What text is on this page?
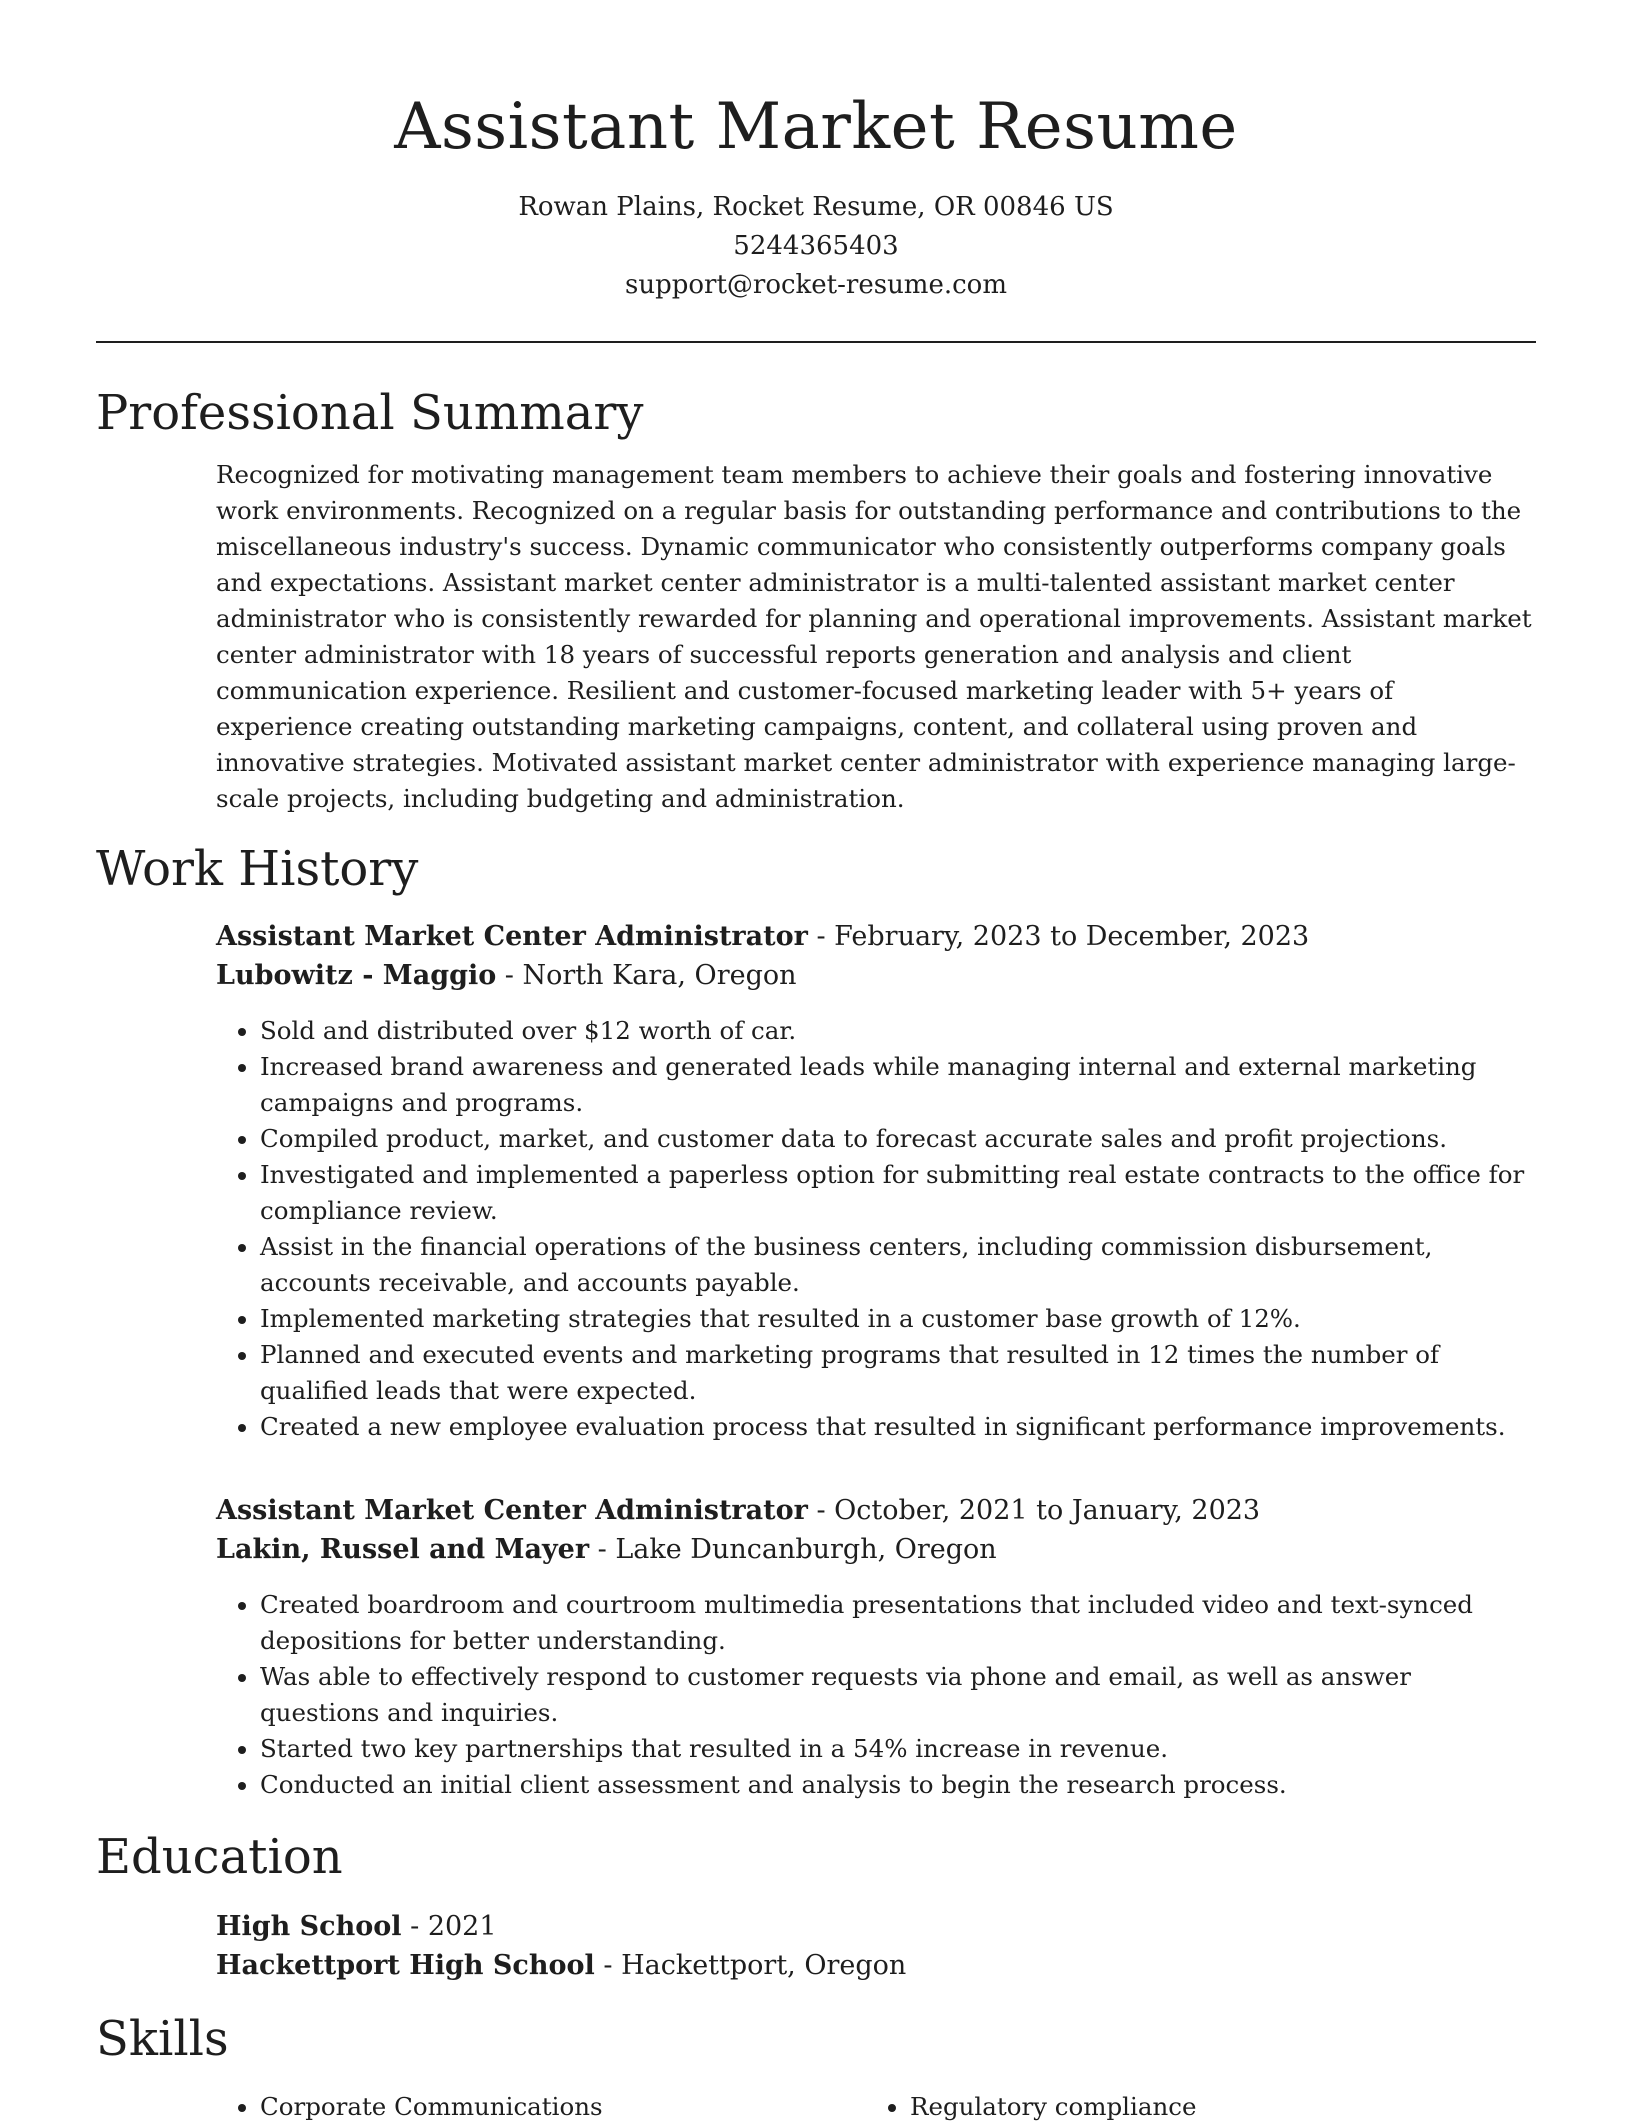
Assistant Market Resume
Rowan Plains, Rocket Resume, OR 00846 US
5244365403
support@rocket-resume.com
Professional Summary
Recognized for motivating management team members to achieve their goals and fostering innovative work environments. Recognized on a regular basis for outstanding performance and contributions to the miscellaneous industry's success. Dynamic communicator who consistently outperforms company goals and expectations. Assistant market center administrator is a multi-talented assistant market center administrator who is consistently rewarded for planning and operational improvements. Assistant market center administrator with 18 years of successful reports generation and analysis and client communication experience. Resilient and customer-focused marketing leader with 5+ years of experience creating outstanding marketing campaigns, content, and collateral using proven and innovative strategies. Motivated assistant market center administrator with experience managing large-scale projects, including budgeting and administration.
Work History
Assistant Market Center Administrator - February, 2023 to December, 2023
Lubowitz - Maggio - North Kara, Oregon
• Sold and distributed over $12 worth of car.
• Increased brand awareness and generated leads while managing internal and external marketing campaigns and programs.
• Compiled product, market, and customer data to forecast accurate sales and profit projections.
• Investigated and implemented a paperless option for submitting real estate contracts to the office for compliance review.
• Assist in the financial operations of the business centers, including commission disbursement, accounts receivable, and accounts payable.
• Implemented marketing strategies that resulted in a customer base growth of 12%.
• Planned and executed events and marketing programs that resulted in 12 times the number of qualified leads that were expected.
• Created a new employee evaluation process that resulted in significant performance improvements.
Assistant Market Center Administrator - October, 2021 to January, 2023
Lakin, Russel and Mayer - Lake Duncanburgh, Oregon
• Created boardroom and courtroom multimedia presentations that included video and text-synced depositions for better understanding.
• Was able to effectively respond to customer requests via phone and email, as well as answer questions and inquiries.
• Started two key partnerships that resulted in a 54% increase in revenue.
• Conducted an initial client assessment and analysis to begin the research process.
Education
High School - 2021
Hackettport High School - Hackettport, Oregon
Skills
• Corporate Communications
•	Regulatory compliance
